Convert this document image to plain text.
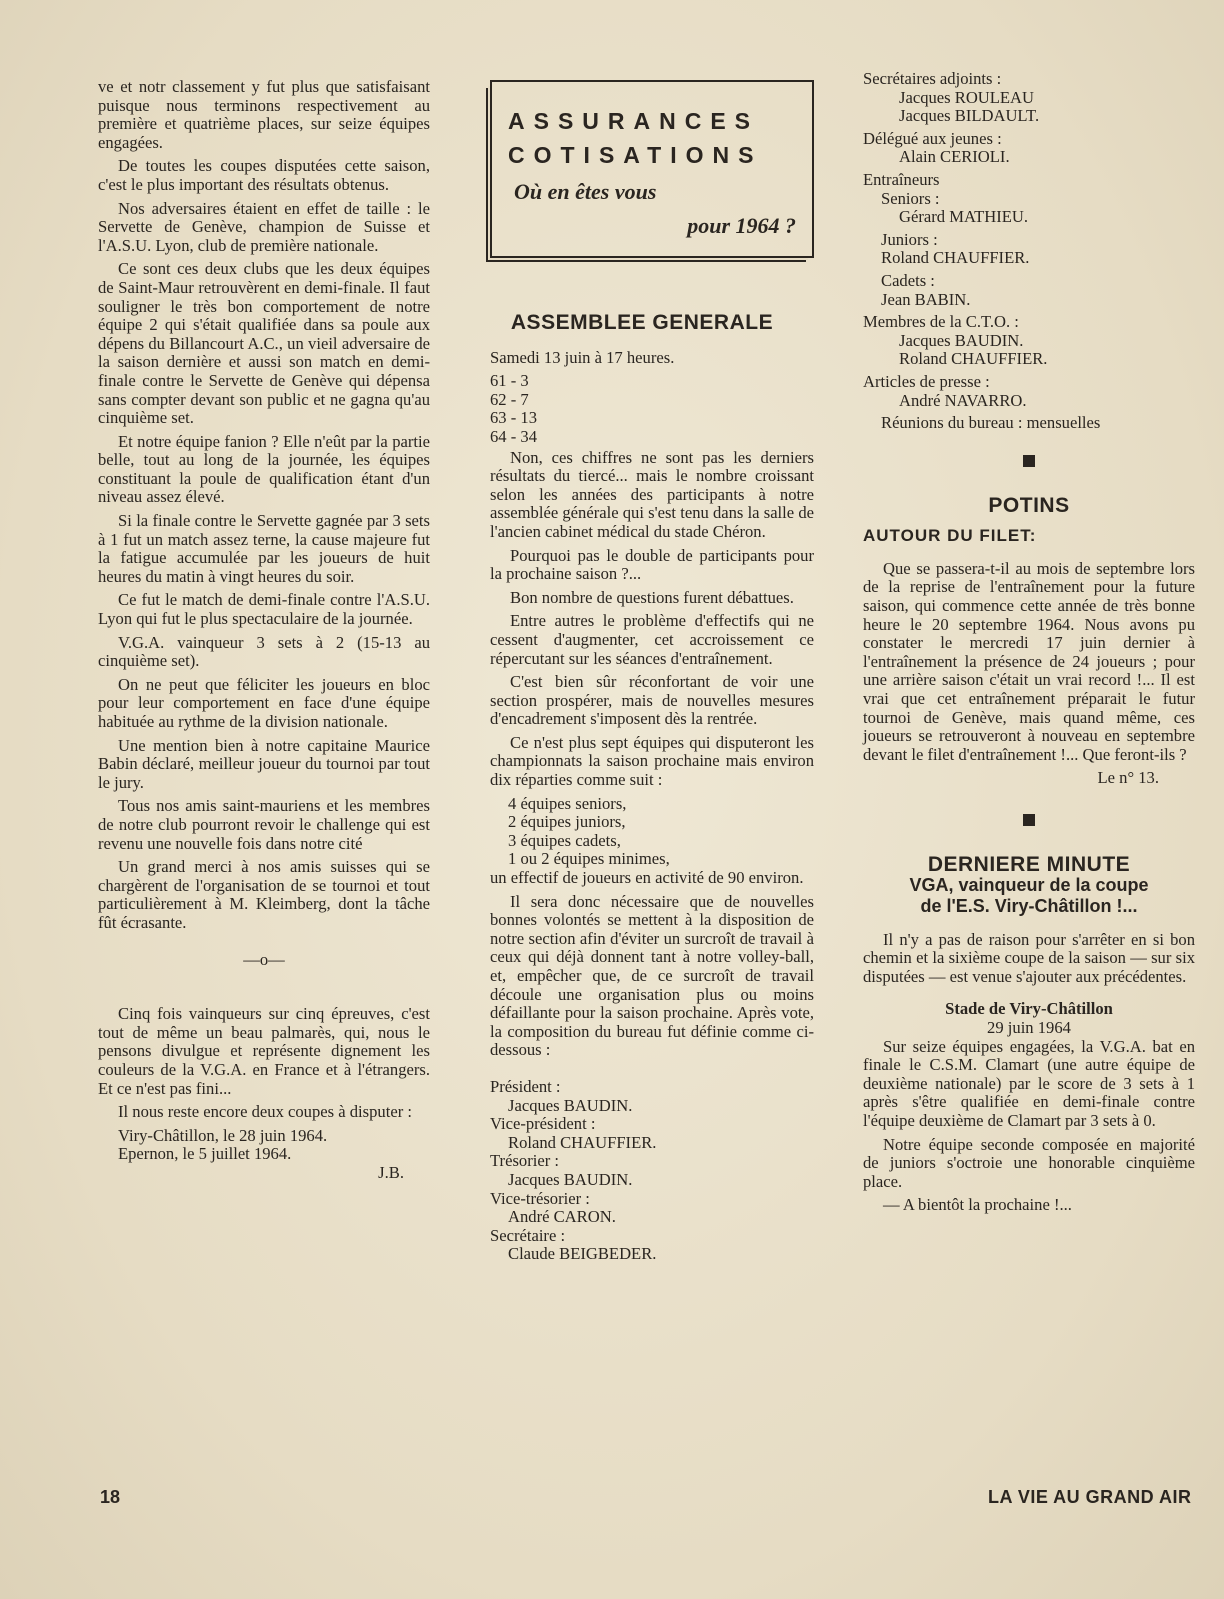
ve et notr classement y fut plus que satisfaisant puisque nous terminons respectivement au première et quatrième places, sur seize équipes engagées.

De toutes les coupes disputées cette saison, c'est le plus important des résultats obtenus.

Nos adversaires étaient en effet de taille : le Servette de Genève, champion de Suisse et l'A.S.U. Lyon, club de première nationale.

Ce sont ces deux clubs que les deux équipes de Saint-Maur retrouvèrent en demi-finale. Il faut souligner le très bon comportement de notre équipe 2 qui s'était qualifiée dans sa poule aux dépens du Billancourt A.C., un vieil adversaire de la saison dernière et aussi son match en demi-finale contre le Servette de Genève qui dépensa sans compter devant son public et ne gagna qu'au cinquième set.

Et notre équipe fanion ? Elle n'eût par la partie belle, tout au long de la journée, les équipes constituant la poule de qualification étant d'un niveau assez élevé.

Si la finale contre le Servette gagnée par 3 sets à 1 fut un match assez terne, la cause majeure fut la fatigue accumulée par les joueurs de huit heures du matin à vingt heures du soir.

Ce fut le match de demi-finale contre l'A.S.U. Lyon qui fut le plus spectaculaire de la journée.

V.G.A. vainqueur 3 sets à 2 (15-13 au cinquième set).

On ne peut que féliciter les joueurs en bloc pour leur comportement en face d'une équipe habituée au rythme de la division nationale.

Une mention bien à notre capitaine Maurice Babin déclaré, meilleur joueur du tournoi par tout le jury.

Tous nos amis saint-mauriens et les membres de notre club pourront revoir le challenge qui est revenu une nouvelle fois dans notre cité

Un grand merci à nos amis suisses qui se chargèrent de l'organisation de se tournoi et tout particulièrement à M. Kleimberg, dont la tâche fût écrasante.

—o—

Cinq fois vainqueurs sur cinq épreuves, c'est tout de même un beau palmarès, qui, nous le pensons divulgue et représente dignement les couleurs de la V.G.A. en France et à l'étrangers. Et ce n'est pas fini...

Il nous reste encore deux coupes à disputer :

Viry-Châtillon, le 28 juin 1964.
Epernon, le 5 juillet 1964.
J.B.
ASSURANCES
COTISATIONS
Où en êtes vous
pour 1964 ?
ASSEMBLEE GENERALE

Samedi 13 juin à 17 heures.

61 - 3
62 - 7
63 - 13
64 - 34

Non, ces chiffres ne sont pas les derniers résultats du tiercé... mais le nombre croissant selon les années des participants à notre assemblée générale qui s'est tenu dans la salle de l'ancien cabinet médical du stade Chéron.

Pourquoi pas le double de participants pour la prochaine saison ?...

Bon nombre de questions furent débattues.

Entre autres le problème d'effectifs qui ne cessent d'augmenter, cet accroissement ce répercutant sur les séances d'entraînement.

C'est bien sûr réconfortant de voir une section prospérer, mais de nouvelles mesures d'encadrement s'imposent dès la rentrée.

Ce n'est plus sept équipes qui disputeront les championnats la saison prochaine mais environ dix réparties comme suit :

4 équipes seniors,
2 équipes juniors,
3 équipes cadets,
1 ou 2 équipes minimes,

un effectif de joueurs en activité de 90 environ.

Il sera donc nécessaire que de nouvelles bonnes volontés se mettent à la disposition de notre section afin d'éviter un surcroît de travail à ceux qui déjà donnent tant à notre volley-ball, et, empêcher que, de ce surcroît de travail découle une organisation plus ou moins défaillante pour la saison prochaine. Après vote, la composition du bureau fut définie comme ci-dessous :

Président :
Jacques BAUDIN.
Vice-président :
Roland CHAUFFIER.
Trésorier :
Jacques BAUDIN.
Vice-trésorier :
André CARON.
Secrétaire :
Claude BEIGBEDER.
Secrétaires adjoints :
Jacques ROULEAU
Jacques BILDAULT.
Délégué aux jeunes :
Alain CERIOLI.
Entraîneurs
Seniors :
Gérard MATHIEU.
Juniors :
Roland CHAUFFIER.
Cadets :
Jean BABIN.
Membres de la C.T.O. :
Jacques BAUDIN.
Roland CHAUFFIER.
Articles de presse :
André NAVARRO.
Réunions du bureau : mensuelles
POTINS
AUTOUR DU FILET:

Que se passera-t-il au mois de septembre lors de la reprise de l'entraînement pour la future saison, qui commence cette année de très bonne heure le 20 septembre 1964. Nous avons pu constater le mercredi 17 juin dernier à l'entraînement la présence de 24 joueurs ; pour une arrière saison c'était un vrai record !... Il est vrai que cet entraînement préparait le futur tournoi de Genève, mais quand même, ces joueurs se retrouveront à nouveau en septembre devant le filet d'entraînement !... Que feront-ils ?

Le n° 13.
DERNIERE MINUTE
VGA, vainqueur de la coupe
de l'E.S. Viry-Châtillon !...

Il n'y a pas de raison pour s'arrêter en si bon chemin et la sixième coupe de la saison — sur six disputées — est venue s'ajouter aux précédentes.

Stade de Viry-Châtillon
29 juin 1964

Sur seize équipes engagées, la V.G.A. bat en finale le C.S.M. Clamart (une autre équipe de deuxième nationale) par le score de 3 sets à 1 après s'être qualifiée en demi-finale contre l'équipe deuxième de Clamart par 3 sets à 0.

Notre équipe seconde composée en majorité de juniors s'octroie une honorable cinquième place.

— A bientôt la prochaine !...

18	LA VIE AU GRAND AIR
